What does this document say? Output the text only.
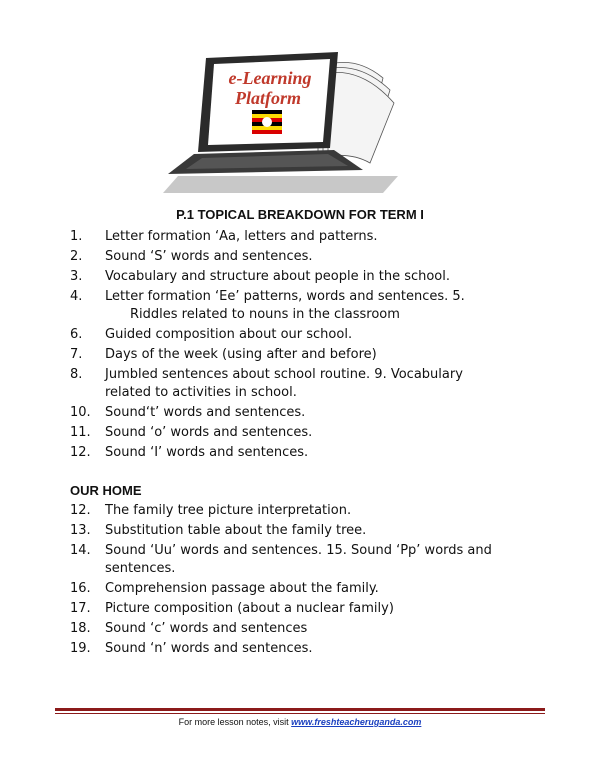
e-Learning
Platform
P.1 TOPICAL BREAKDOWN FOR TERM I
1. Letter formation ‘Aa, letters and patterns.
2. Sound ‘S’ words and sentences.
3. Vocabulary and structure about people in the school.
4. Letter formation ‘Ee’ patterns, words and sentences. 5.
Riddles related to nouns in the classroom
6. Guided composition about our school.
7. Days of the week (using after and before)
8. Jumbled sentences about school routine. 9. Vocabulary
related to activities in school.
10. Sound‘t’ words and sentences.
11. Sound ‘o’ words and sentences.
12. Sound ‘I’ words and sentences.
OUR HOME
12. The family tree picture interpretation.
13. Substitution table about the family tree.
14. Sound ‘Uu’ words and sentences. 15. Sound ‘Pp’ words and
sentences.
16. Comprehension passage about the family.
17. Picture composition (about a nuclear family)
18. Sound ‘c’ words and sentences
19. Sound ‘n’ words and sentences.
For more lesson notes, visit www.freshteacheruganda.com
